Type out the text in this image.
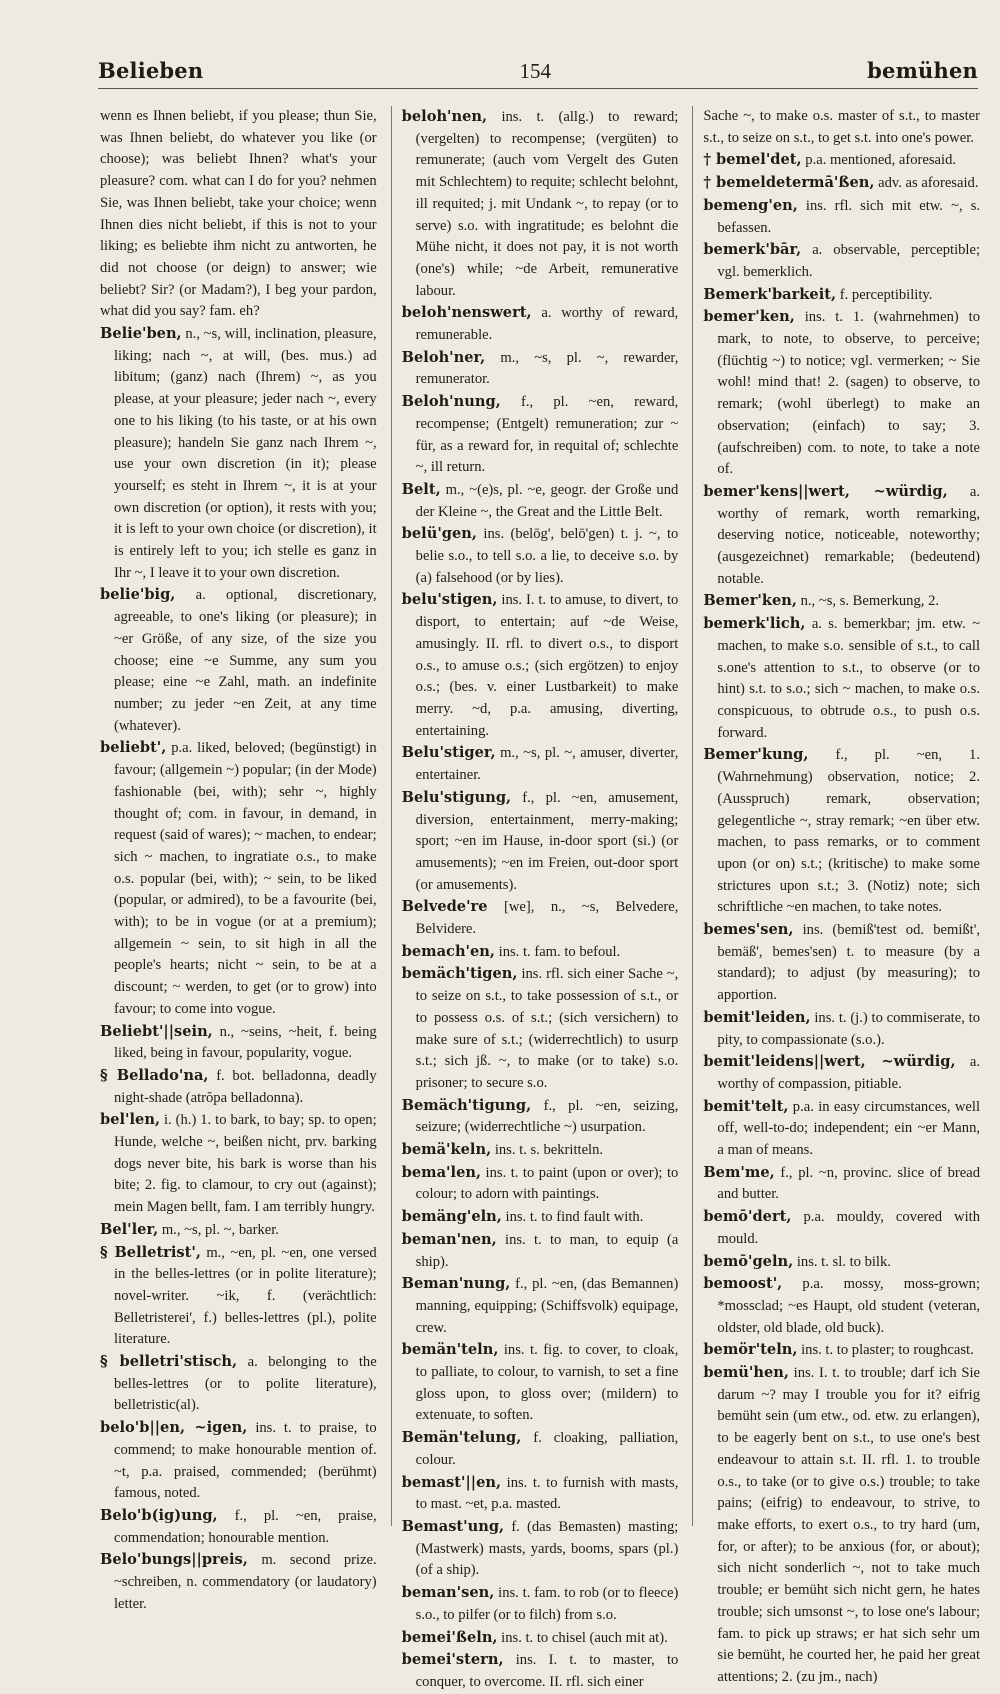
Belieben	154	bemühen

wenn es Ihnen beliebt, if you please; thun Sie, was Ihnen beliebt, do whatever you like (or choose); was beliebt Ihnen? what's your pleasure? com. what can I do for you? nehmen Sie, was Ihnen beliebt, take your choice; wenn Ihnen dies nicht beliebt, if this is not to your liking; es beliebte ihm nicht zu antworten, he did not choose (or deign) to answer; wie beliebt? Sir? (or Madam?), I beg your pardon, what did you say? fam. eh?

Belie'ben, n., ~s, will, inclination, pleasure, liking; nach ~, at will, (bes. mus.) ad libitum; (ganz) nach (Ihrem) ~, as you please, at your pleasure; jeder nach ~, every one to his liking (to his taste, or at his own pleasure); handeln Sie ganz nach Ihrem ~, use your own discretion (in it); please yourself; es steht in Ihrem ~, it is at your own discretion (or option), it rests with you; it is left to your own choice (or discretion), it is entirely left to you; ich stelle es ganz in Ihr ~, I leave it to your own discretion.

belie'big, a. optional, discretionary, agreeable, to one's liking (or pleasure); in ~er Größe, of any size, of the size you choose; eine ~e Summe, any sum you please; eine ~e Zahl, math. an indefinite number; zu jeder ~en Zeit, at any time (whatever).

beliebt', p.a. liked, beloved; (begünstigt) in favour; (allgemein ~) popular; (in der Mode) fashionable (bei, with); sehr ~, highly thought of; com. in favour, in demand, in request (said of wares); ~ machen, to endear; sich ~ machen, to ingratiate o.s., to make o.s. popular (bei, with); ~ sein, to be liked (popular, or admired), to be a favourite (bei, with); to be in vogue (or at a premium); allgemein ~ sein, to sit high in all the people's hearts; nicht ~ sein, to be at a discount; ~ werden, to get (or to grow) into favour; to come into vogue.

Beliebt'||sein, n., ~seins, ~heit, f. being liked, being in favour, popularity, vogue.

§ Bellado'na, f. bot. belladonna, deadly night-shade (atrŏpa belladonna).

bel'len, i. (h.) 1. to bark, to bay; sp. to open; Hunde, welche ~, beißen nicht, prv. barking dogs never bite, his bark is worse than his bite; 2. fig. to clamour, to cry out (against); mein Magen bellt, fam. I am terribly hungry.

Bel'ler, m., ~s, pl. ~, barker.

§ Belletrist', m., ~en, pl. ~en, one versed in the belles-lettres (or in polite literature); novel-writer. ~ik, f. (verächtlich: Belletristerei', f.) belles-lettres (pl.), polite literature.

§ belletri'stisch, a. belonging to the belles-lettres (or to polite literature), belletristic(al).

belo'b||en, ~igen, ins. t. to praise, to commend; to make honourable mention of. ~t, p.a. praised, commended; (berühmt) famous, noted.

Belo'b(ig)ung, f., pl. ~en, praise, commendation; honourable mention.

Belo'bungs||preis, m. second prize. ~schreiben, n. commendatory (or laudatory) letter.

beloh'nen, ins. t. (allg.) to reward; (vergelten) to recompense; (vergüten) to remunerate; (auch vom Vergelt des Guten mit Schlechtem) to requite; schlecht belohnt, ill requited; j. mit Undank ~, to repay (or to serve) s.o. with ingratitude; es belohnt die Mühe nicht, it does not pay, it is not worth (one's) while; ~de Arbeit, remunerative labour.

beloh'nenswert, a. worthy of reward, remunerable.

Beloh'ner, m., ~s, pl. ~, rewarder, remunerator.

Beloh'nung, f., pl. ~en, reward, recompense; (Entgelt) remuneration; zur ~ für, as a reward for, in requital of; schlechte ~, ill return.

Belt, m., ~(e)s, pl. ~e, geogr. der Große und der Kleine ~, the Great and the Little Belt.

belü'gen, ins. (belōg', belō'gen) t. j. ~, to belie s.o., to tell s.o. a lie, to deceive s.o. by (a) falsehood (or by lies).

belu'stigen, ins. I. t. to amuse, to divert, to disport, to entertain; auf ~de Weise, amusingly. II. rfl. to divert o.s., to disport o.s., to amuse o.s.; (sich ergötzen) to enjoy o.s.; (bes. v. einer Lustbarkeit) to make merry. ~d, p.a. amusing, diverting, entertaining.

Belu'stiger, m., ~s, pl. ~, amuser, diverter, entertainer.

Belu'stigung, f., pl. ~en, amusement, diversion, entertainment, merry-making; sport; ~en im Hause, in-door sport (si.) (or amusements); ~en im Freien, out-door sport (or amusements).

Belvede're [we], n., ~s, Belvedere, Belvidere.

bemach'en, ins. t. fam. to befoul.

bemäch'tigen, ins. rfl. sich einer Sache ~, to seize on s.t., to take possession of s.t., or to possess o.s. of s.t.; (sich versichern) to make sure of s.t.; (widerrechtlich) to usurp s.t.; sich jß. ~, to make (or to take) s.o. prisoner; to secure s.o.

Bemäch'tigung, f., pl. ~en, seizing, seizure; (widerrechtliche ~) usurpation.

bemä'keln, ins. t. s. bekritteln.

bema'len, ins. t. to paint (upon or over); to colour; to adorn with paintings.

bemäng'eln, ins. t. to find fault with.

beman'nen, ins. t. to man, to equip (a ship).

Beman'nung, f., pl. ~en, (das Bemannen) manning, equipping; (Schiffsvolk) equipage, crew.

bemän'teln, ins. t. fig. to cover, to cloak, to palliate, to colour, to varnish, to set a fine gloss upon, to gloss over; (mildern) to extenuate, to soften.

Bemän'telung, f. cloaking, palliation, colour.

bemast'||en, ins. t. to furnish with masts, to mast. ~et, p.a. masted.

Bemast'ung, f. (das Bemasten) masting; (Mastwerk) masts, yards, booms, spars (pl.) (of a ship).

beman'sen, ins. t. fam. to rob (or to fleece) s.o., to pilfer (or to filch) from s.o.

bemei'ßeln, ins. t. to chisel (auch mit at).

bemei'stern, ins. I. t. to master, to conquer, to overcome. II. rfl. sich einer

Sache ~, to make o.s. master of s.t., to master s.t., to seize on s.t., to get s.t. into one's power.

† bemel'det, p.a. mentioned, aforesaid.

† bemeldetermā'ßen, adv. as aforesaid.

bemeng'en, ins. rfl. sich mit etw. ~, s. befassen.

bemerk'bār, a. observable, perceptible; vgl. bemerklich.

Bemerk'barkeit, f. perceptibility.

bemer'ken, ins. t. 1. (wahrnehmen) to mark, to note, to observe, to perceive; (flüchtig ~) to notice; vgl. vermerken; ~ Sie wohl! mind that! 2. (sagen) to observe, to remark; (wohl überlegt) to make an observation; (einfach) to say; 3. (aufschreiben) com. to note, to take a note of.

bemer'kens||wert, ~würdig, a. worthy of remark, worth remarking, deserving notice, noticeable, noteworthy; (ausgezeichnet) remarkable; (bedeutend) notable.

Bemer'ken, n., ~s, s. Bemerkung, 2.

bemerk'lich, a. s. bemerkbar; jm. etw. ~ machen, to make s.o. sensible of s.t., to call s.one's attention to s.t., to observe (or to hint) s.t. to s.o.; sich ~ machen, to make o.s. conspicuous, to obtrude o.s., to push o.s. forward.

Bemer'kung, f., pl. ~en, 1. (Wahrnehmung) observation, notice; 2. (Ausspruch) remark, observation; gelegentliche ~, stray remark; ~en über etw. machen, to pass remarks, or to comment upon (or on) s.t.; (kritische) to make some strictures upon s.t.; 3. (Notiz) note; sich schriftliche ~en machen, to take notes.

bemes'sen, ins. (bemiß'test od. bemißt', bemäß', bemes'sen) t. to measure (by a standard); to adjust (by measuring); to apportion.

bemit'leiden, ins. t. (j.) to commiserate, to pity, to compassionate (s.o.).

bemit'leidens||wert, ~würdig, a. worthy of compassion, pitiable.

bemit'telt, p.a. in easy circumstances, well off, well-to-do; independent; ein ~er Mann, a man of means.

Bem'me, f., pl. ~n, provinc. slice of bread and butter.

bemō'dert, p.a. mouldy, covered with mould.

bemō'geln, ins. t. sl. to bilk.

bemoost', p.a. mossy, moss-grown; *mossclad; ~es Haupt, old student (veteran, oldster, old blade, old buck).

bemör'teln, ins. t. to plaster; to roughcast.

bemü'hen, ins. I. t. to trouble; darf ich Sie darum ~? may I trouble you for it? eifrig bemüht sein (um etw., od. etw. zu erlangen), to be eagerly bent on s.t., to use one's best endeavour to attain s.t. II. rfl. 1. to trouble o.s., to take (or to give o.s.) trouble; to take pains; (eifrig) to endeavour, to strive, to make efforts, to exert o.s., to try hard (um, for, or after); to be anxious (for, or about); sich nicht sonderlich ~, not to take much trouble; er bemüht sich nicht gern, he hates trouble; sich umsonst ~, to lose one's labour; fam. to pick up straws; er hat sich sehr um sie bemüht, he courted her, he paid her great attentions; 2. (zu jm., nach)
